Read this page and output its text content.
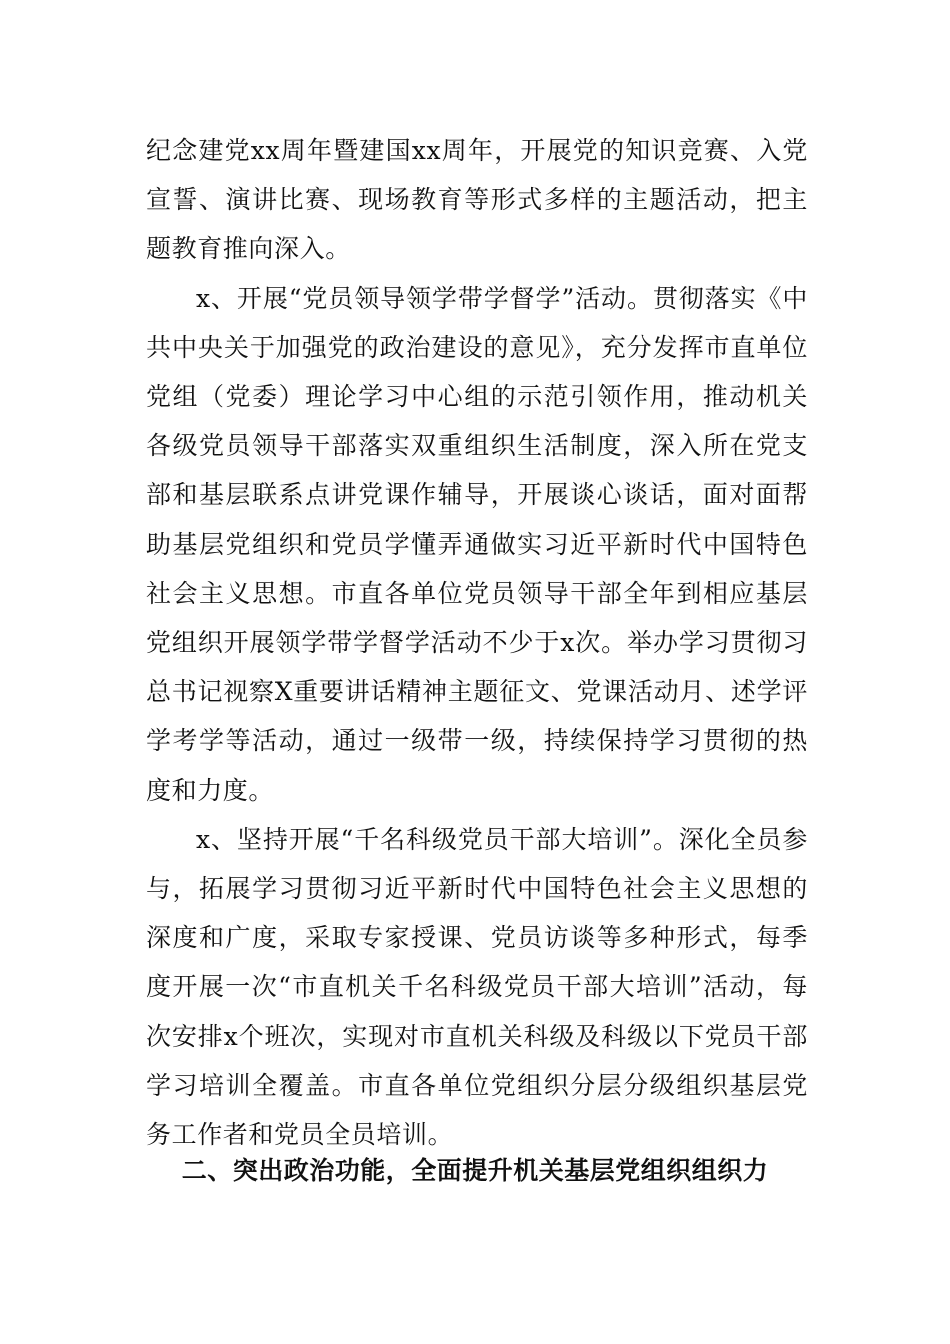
纪念建党xx周年暨建国xx周年，开展党的知识竞赛、入党宣誓、演讲比赛、现场教育等形式多样的主题活动，把主题教育推向深入。

x、开展“党员领导领学带学督学”活动。贯彻落实《中共中央关于加强党的政治建设的意见》，充分发挥市直单位党组（党委）理论学习中心组的示范引领作用，推动机关各级党员领导干部落实双重组织生活制度，深入所在党支部和基层联系点讲党课作辅导，开展谈心谈话，面对面帮助基层党组织和党员学懂弄通做实习近平新时代中国特色社会主义思想。市直各单位党员领导干部全年到相应基层党组织开展领学带学督学活动不少于x次。举办学习贯彻习总书记视察X重要讲话精神主题征文、党课活动月、述学评学考学等活动，通过一级带一级，持续保持学习贯彻的热度和力度。

x、坚持开展“千名科级党员干部大培训”。深化全员参与，拓展学习贯彻习近平新时代中国特色社会主义思想的深度和广度，采取专家授课、党员访谈等多种形式，每季度开展一次“市直机关千名科级党员干部大培训”活动，每次安排x个班次，实现对市直机关科级及科级以下党员干部学习培训全覆盖。市直各单位党组织分层分级组织基层党务工作者和党员全员培训。

二、突出政治功能，全面提升机关基层党组织组织力
